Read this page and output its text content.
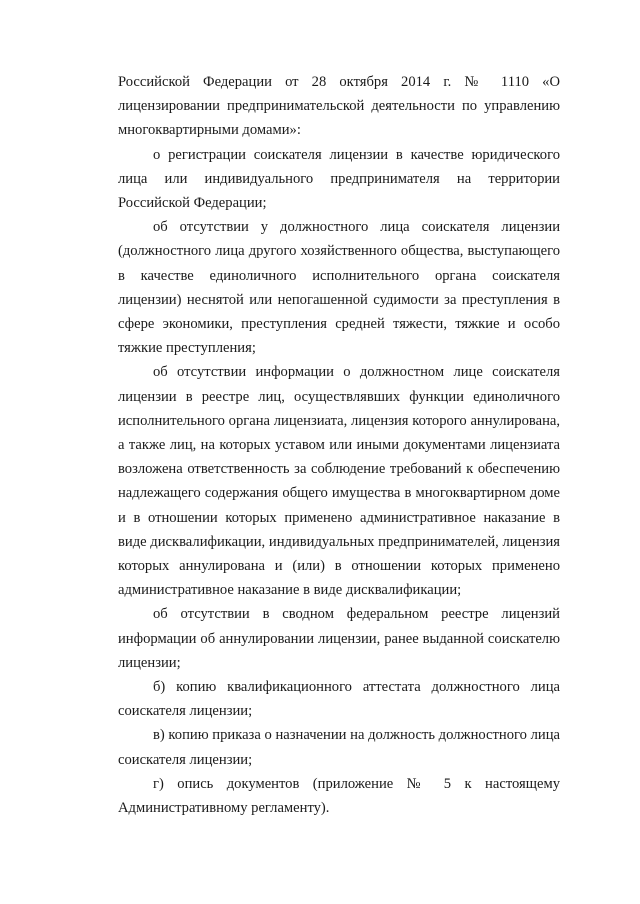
Российской Федерации от 28 октября 2014 г. № 1110 «О лицензировании предпринимательской деятельности по управлению многоквартирными домами»:

о регистрации соискателя лицензии в качестве юридического лица или индивидуального предпринимателя на территории Российской Федерации;

об отсутствии у должностного лица соискателя лицензии (должностного лица другого хозяйственного общества, выступающего в качестве единоличного исполнительного органа соискателя лицензии) неснятой или непогашенной судимости за преступления в сфере экономики, преступления средней тяжести, тяжкие и особо тяжкие преступления;

об отсутствии информации о должностном лице соискателя лицензии в реестре лиц, осуществлявших функции единоличного исполнительного органа лицензиата, лицензия которого аннулирована, а также лиц, на которых уставом или иными документами лицензиата возложена ответственность за соблюдение требований к обеспечению надлежащего содержания общего имущества в многоквартирном доме и в отношении которых применено административное наказание в виде дисквалификации, индивидуальных предпринимателей, лицензия которых аннулирована и (или) в отношении которых применено административное наказание в виде дисквалификации;

об отсутствии в сводном федеральном реестре лицензий информации об аннулировании лицензии, ранее выданной соискателю лицензии;

б) копию квалификационного аттестата должностного лица соискателя лицензии;

в) копию приказа о назначении на должность должностного лица соискателя лицензии;

г) опись документов (приложение № 5 к настоящему Административному регламенту).
